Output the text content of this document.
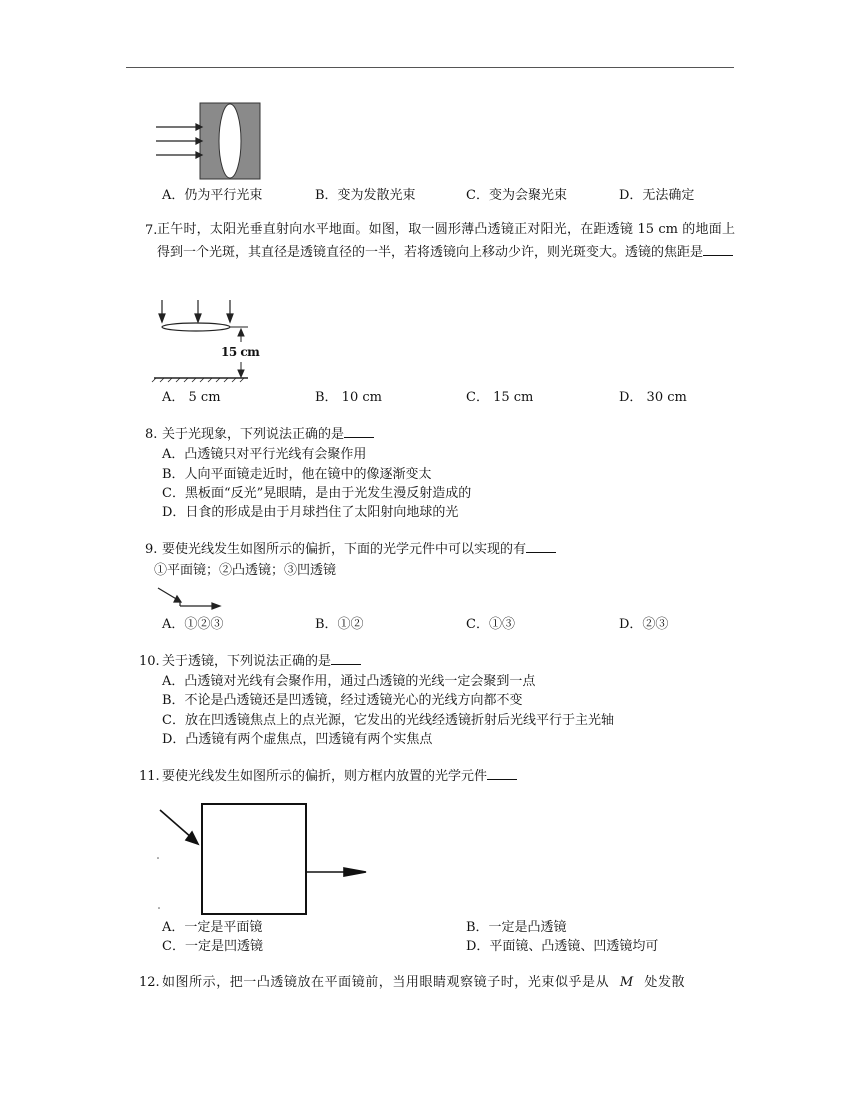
A．仍为平行光束	B．变为发散光束	C．变为会聚光束	D．无法确定
7. 正午时，太阳光垂直射向水平地面。如图，取一圆形薄凸透镜正对阳光，在距透镜 15 cm 的地面上得到一个光斑，其直径是透镜直径的一半，若将透镜向上移动少许，则光斑变大。透镜的焦距是
15 cm
A． 5 cm	B． 10 cm	C． 15 cm	D． 30 cm
8. 关于光现象，下列说法正确的是
A．凸透镜只对平行光线有会聚作用
B．人向平面镜走近时，他在镜中的像逐渐变太
C．黑板面“反光”晃眼睛，是由于光发生漫反射造成的
D．日食的形成是由于月球挡住了太阳射向地球的光
9. 要使光线发生如图所示的偏折，下面的光学元件中可以实现的有
①平面镜；②凸透镜；③凹透镜
A．①②③	B．①②	C．①③	D．②③
10. 关于透镜，下列说法正确的是
A．凸透镜对光线有会聚作用，通过凸透镜的光线一定会聚到一点
B．不论是凸透镜还是凹透镜，经过透镜光心的光线方向都不变
C．放在凹透镜焦点上的点光源，它发出的光线经透镜折射后光线平行于主光轴
D．凸透镜有两个虚焦点，凹透镜有两个实焦点
11. 要使光线发生如图所示的偏折，则方框内放置的光学元件
A．一定是平面镜	B．一定是凸透镜
C．一定是凹透镜	D．平面镜、凸透镜、凹透镜均可
12. 如图所示，把一凸透镜放在平面镜前，当用眼睛观察镜子时，光束似乎是从 M 处发散
